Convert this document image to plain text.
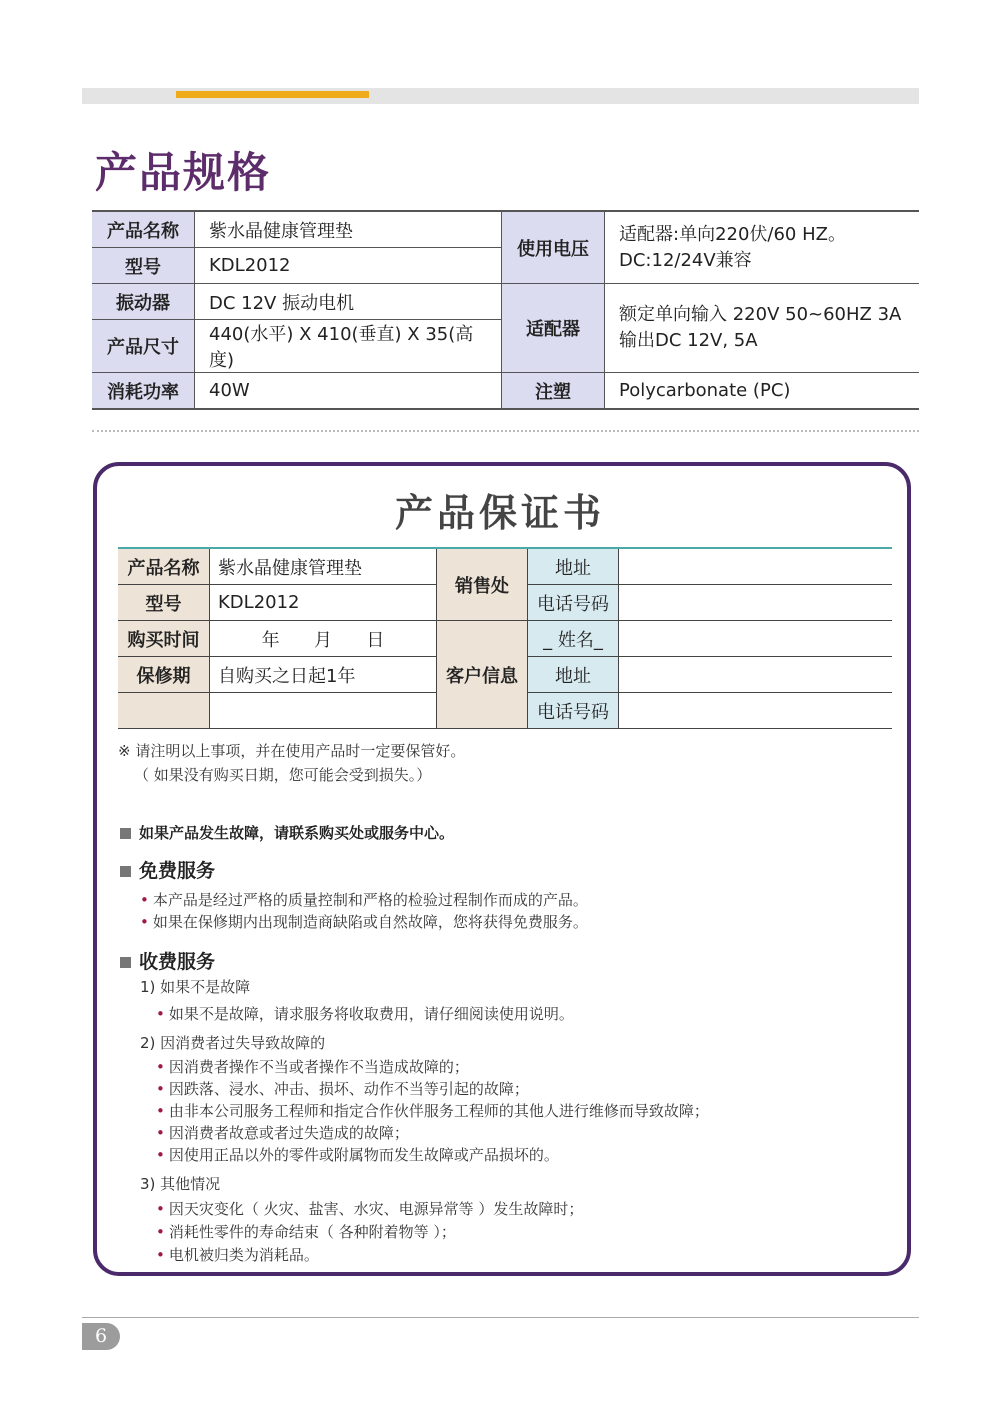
产品规格
产品名称	紫水晶健康管理垫	使用电压	适配器:单向220伏/60 HZ。
DC:12/24V兼容

型号	KDL2012		
振动器	DC 12V 振动电机	适配器	额定单向输入 220V 50~60HZ 3A
输出DC 12V, 5A

产品尺寸	440(水平) X 410(垂直) X 35(高度)		
消耗功率	40W	注塑	Polycarbonate (PC)
产品保证书
产品名称	紫水晶健康管理垫	销售处	地址	
型号	KDL2012		电话号码	
购买时间	年      月      日	客户信息	_ 姓名_	
保修期	自购买之日起1年		地址	
			电话号码	
※ 请注明以上事项，并在使用产品时一定要保管好。
（ 如果没有购买日期，您可能会受到损失。）
如果产品发生故障，请联系购买处或服务中心。
免费服务
• 本产品是经过严格的质量控制和严格的检验过程制作而成的产品。
• 如果在保修期内出现制造商缺陷或自然故障，您将获得免费服务。
收费服务
1) 如果不是故障
• 如果不是故障，请求服务将收取费用，请仔细阅读使用说明。
2) 因消费者过失导致故障的
• 因消费者操作不当或者操作不当造成故障的；
• 因跌落、浸水、冲击、损坏、动作不当等引起的故障；
• 由非本公司服务工程师和指定合作伙伴服务工程师的其他人进行维修而导致故障；
• 因消费者故意或者过失造成的故障；
• 因使用正品以外的零件或附属物而发生故障或产品损坏的。
3) 其他情况
• 因天灾变化（ 火灾、盐害、水灾、电源异常等 ）发生故障时；
• 消耗性零件的寿命结束（ 各种附着物等 ）；
• 电机被归类为消耗品。
6
